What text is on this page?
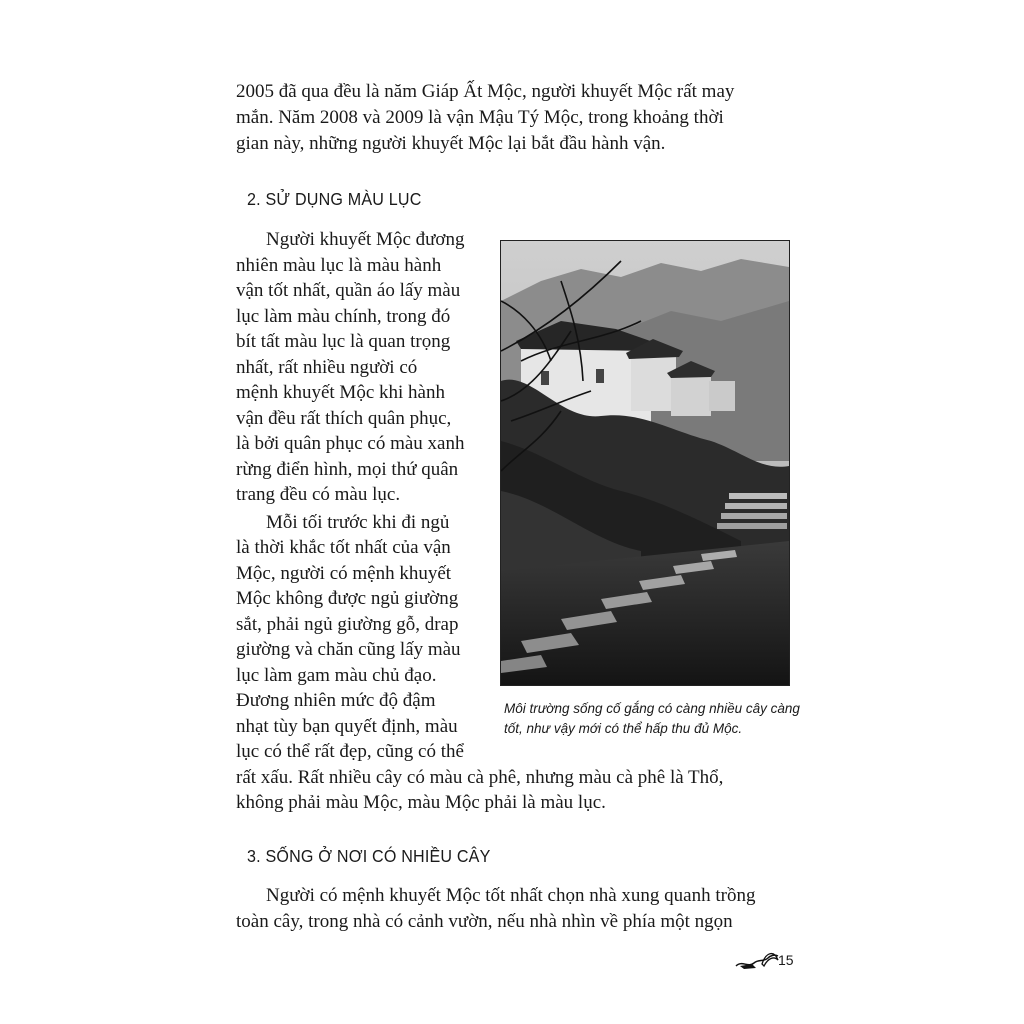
2005 đã qua đều là năm Giáp Ất Mộc, người khuyết Mộc rất may
mắn. Năm 2008 và 2009 là vận Mậu Tý Mộc, trong khoảng thời
gian này, những người khuyết Mộc lại bắt đầu hành vận.
2. SỬ DỤNG MÀU LỤC
Người khuyết Mộc đương
nhiên màu lục là màu hành
vận tốt nhất, quần áo lấy màu
lục làm màu chính, trong đó
bít tất màu lục là quan trọng
nhất, rất nhiều người có
mệnh khuyết Mộc khi hành
vận đều rất thích quân phục,
là bởi quân phục có màu xanh
rừng điển hình, mọi thứ quân
trang đều có màu lục.
Mỗi tối trước khi đi ngủ
là thời khắc tốt nhất của vận
Mộc, người có mệnh khuyết
Mộc không được ngủ giường
sắt, phải ngủ giường gỗ, drap
giường và chăn cũng lấy màu
lục làm gam màu chủ đạo.
Đương nhiên mức độ đậm
nhạt tùy bạn quyết định, màu
lục có thể rất đẹp, cũng có thể
rất xấu. Rất nhiều cây có màu cà phê, nhưng màu cà phê là Thổ,
không phải màu Mộc, màu Mộc phải là màu lục.
Môi trường sống cố gắng có càng nhiều cây càng
tốt, như vậy mới có thể hấp thu đủ Mộc.
3. SỐNG Ở NƠI CÓ NHIỀU CÂY
Người có mệnh khuyết Mộc tốt nhất chọn nhà xung quanh trồng
toàn cây, trong nhà có cảnh vườn, nếu nhà nhìn về phía một ngọn
15
